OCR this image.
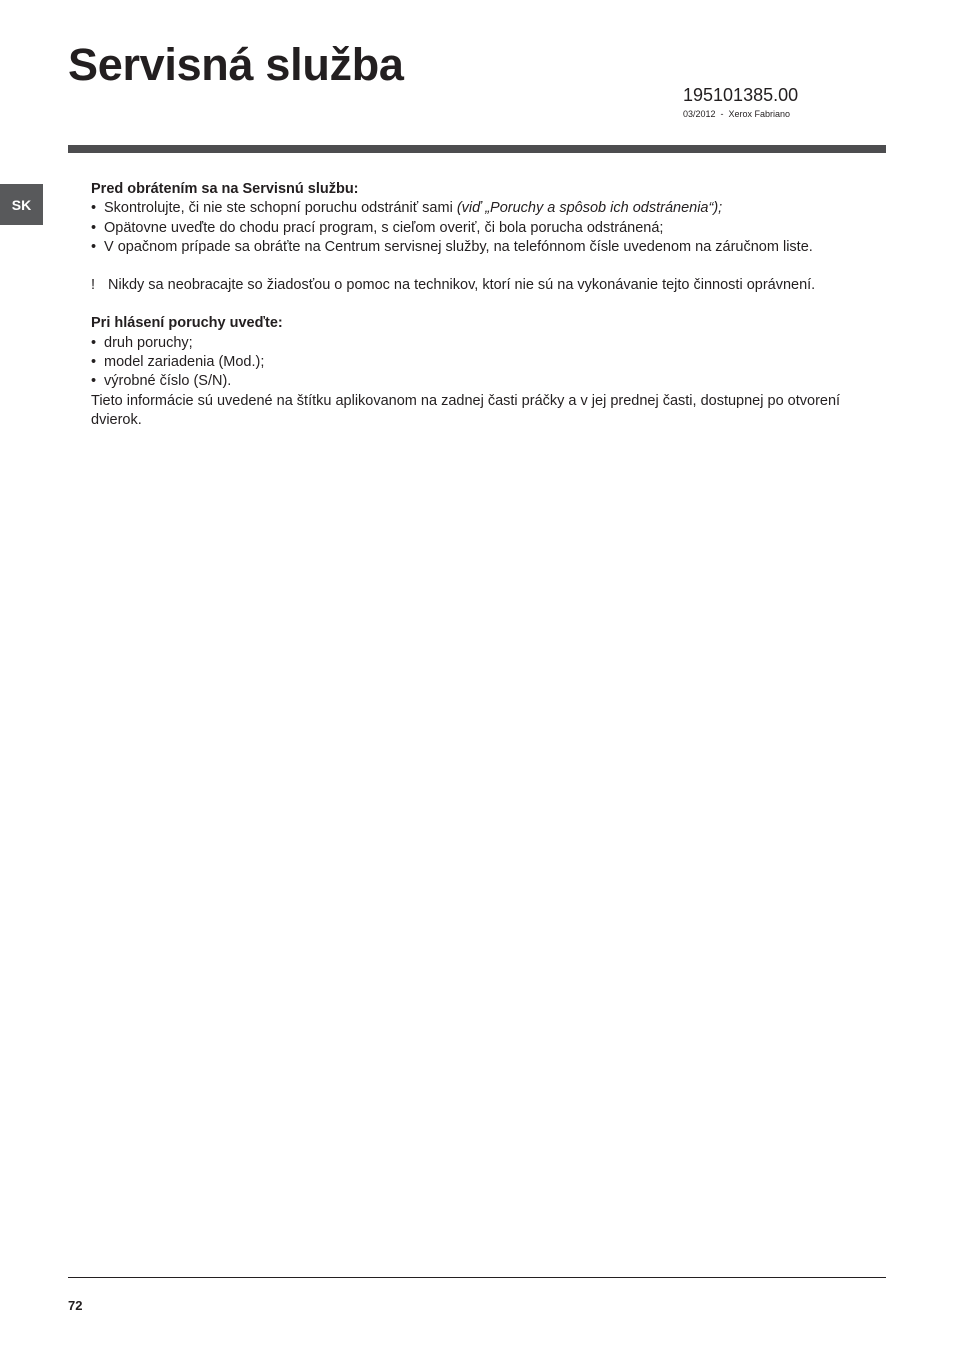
Servisná služba
195101385.00
03/2012  -  Xerox Fabriano
SK

Pred obrátením sa na Servisnú službu:

• Skontrolujte, či nie ste schopní poruchu odstrániť sami (viď „Poruchy a spôsob ich odstránenia“);
• Opätovne uveďte do chodu prací program, s cieľom overiť, či bola porucha odstránená;
• V opačnom prípade sa obráťte na Centrum servisnej služby, na telefónnom čísle uvedenom na záručnom liste.

! Nikdy sa neobracajte so žiadosťou o pomoc na technikov, ktorí nie sú na vykonávanie tejto činnosti oprávnení.

Pri hlásení poruchy uveďte:

• druh poruchy;
• model zariadenia (Mod.);
• výrobné číslo (S/N).

Tieto informácie sú uvedené na štítku aplikovanom na zadnej časti práčky a v jej prednej časti, dostupnej po otvorení dvierok.

72
